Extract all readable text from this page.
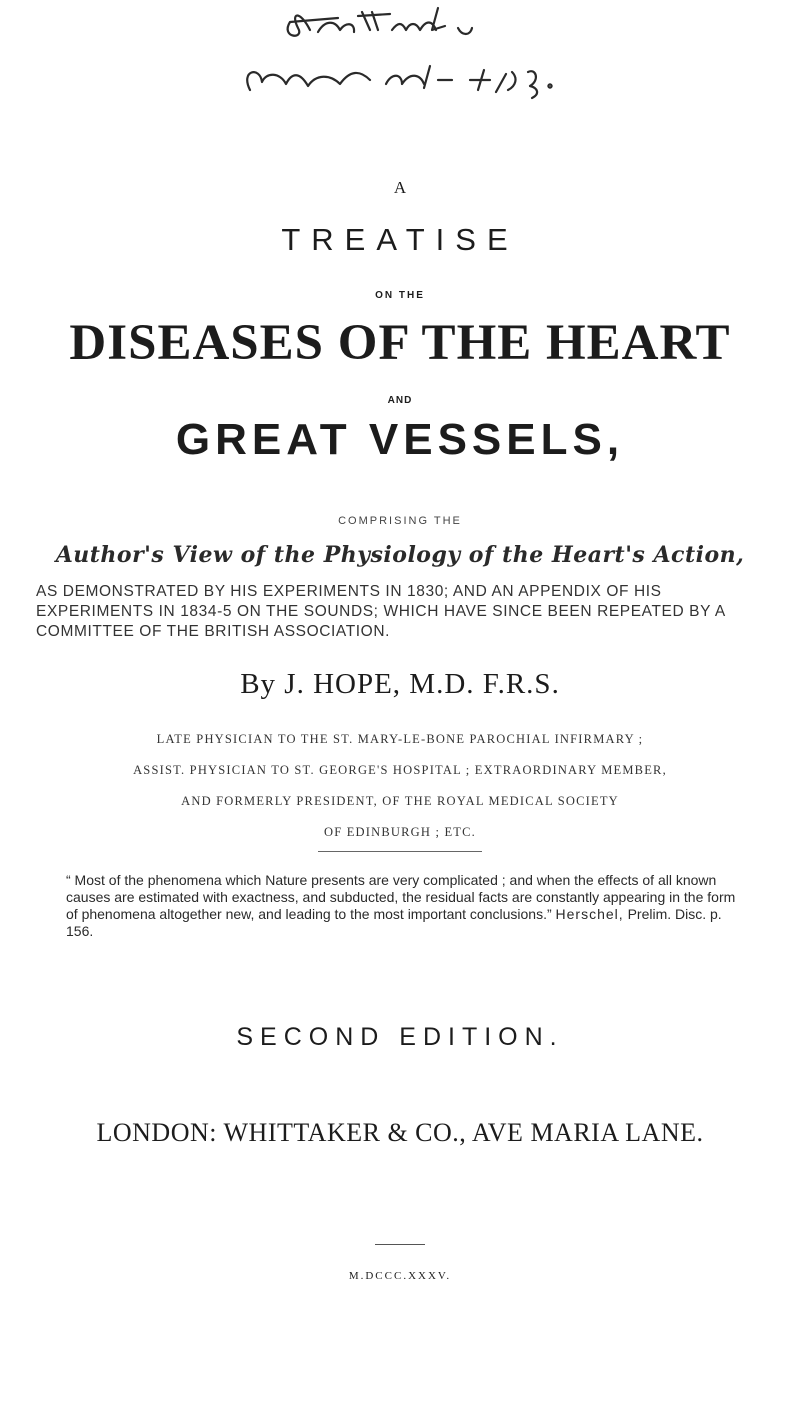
A
TREATISE
ON THE
DISEASES OF THE HEART
AND
GREAT VESSELS,
COMPRISING THE
Author's View of the Physiology of the Heart's Action,
AS DEMONSTRATED BY HIS EXPERIMENTS IN 1830; AND AN APPENDIX OF HIS EXPERIMENTS IN 1834-5 ON THE SOUNDS; WHICH HAVE SINCE BEEN REPEATED BY A COMMITTEE OF THE BRITISH ASSOCIATION.
By J. HOPE, M.D. F.R.S.
LATE PHYSICIAN TO THE ST. MARY-LE-BONE PAROCHIAL INFIRMARY ;
ASSIST. PHYSICIAN TO ST. GEORGE'S HOSPITAL ; EXTRAORDINARY MEMBER,
AND FORMERLY PRESIDENT, OF THE ROYAL MEDICAL SOCIETY
OF EDINBURGH ; ETC.
“ Most of the phenomena which Nature presents are very complicated ; and when the effects of all known causes are estimated with exactness, and subducted, the residual facts are constantly appearing in the form of phenomena altogether new, and leading to the most important conclusions.” Herschel, Prelim. Disc. p. 156.
SECOND EDITION.
LONDON: WHITTAKER & CO., AVE MARIA LANE.
M.DCCC.XXXV.
